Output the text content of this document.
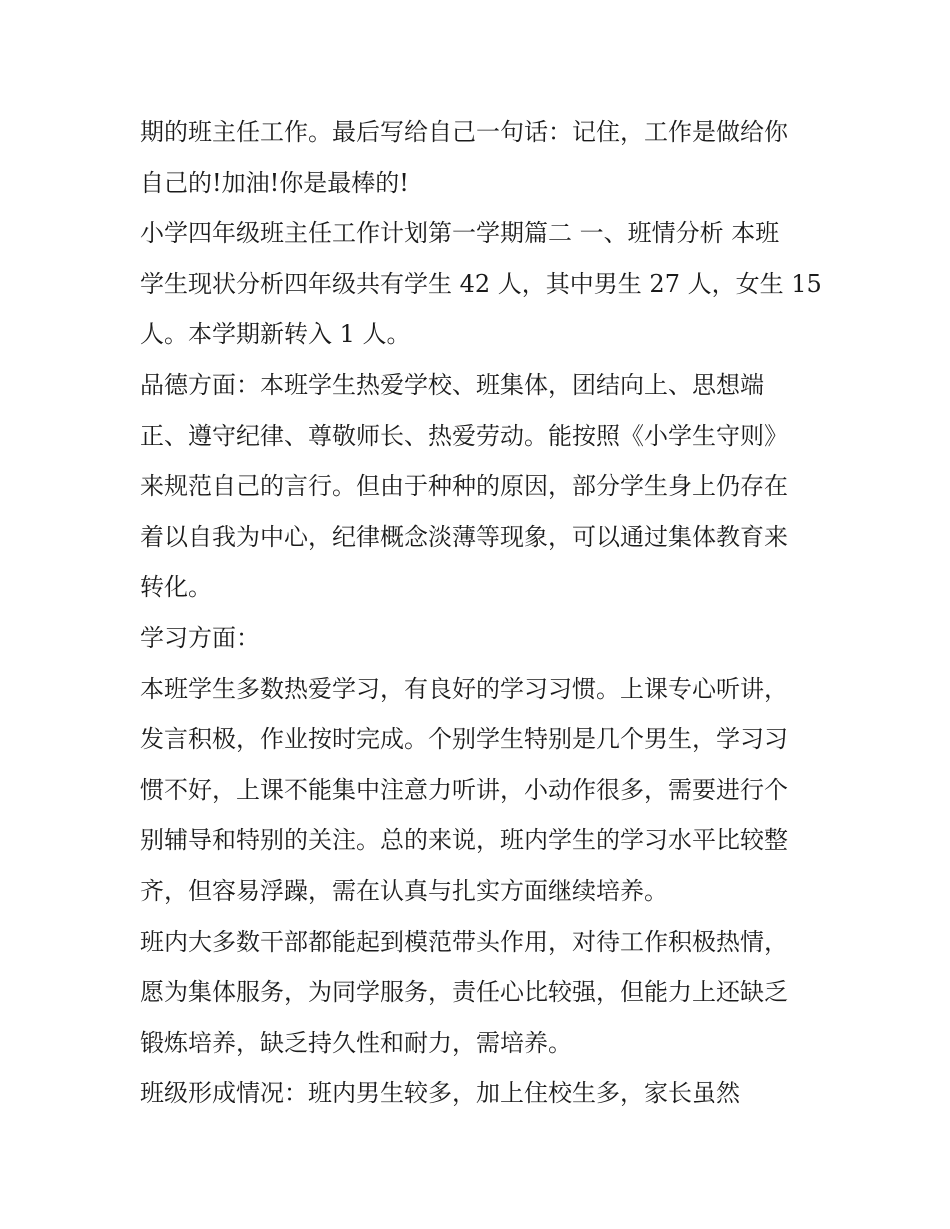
期的班主任工作。最后写给自己一句话：记住，工作是做给你
自己的!加油!你是最棒的!
小学四年级班主任工作计划第一学期篇二 一、班情分析 本班
学生现状分析四年级共有学生 42 人，其中男生 27 人，女生 15
人。本学期新转入 1 人。
品德方面：本班学生热爱学校、班集体，团结向上、思想端
正、遵守纪律、尊敬师长、热爱劳动。能按照《小学生守则》
来规范自己的言行。但由于种种的原因，部分学生身上仍存在
着以自我为中心，纪律概念淡薄等现象，可以通过集体教育来
转化。
学习方面：
本班学生多数热爱学习，有良好的学习习惯。上课专心听讲，
发言积极，作业按时完成。个别学生特别是几个男生，学习习
惯不好，上课不能集中注意力听讲，小动作很多，需要进行个
别辅导和特别的关注。总的来说，班内学生的学习水平比较整
齐，但容易浮躁，需在认真与扎实方面继续培养。
班内大多数干部都能起到模范带头作用，对待工作积极热情，
愿为集体服务，为同学服务，责任心比较强，但能力上还缺乏
锻炼培养，缺乏持久性和耐力，需培养。
班级形成情况：班内男生较多，加上住校生多，家长虽然
